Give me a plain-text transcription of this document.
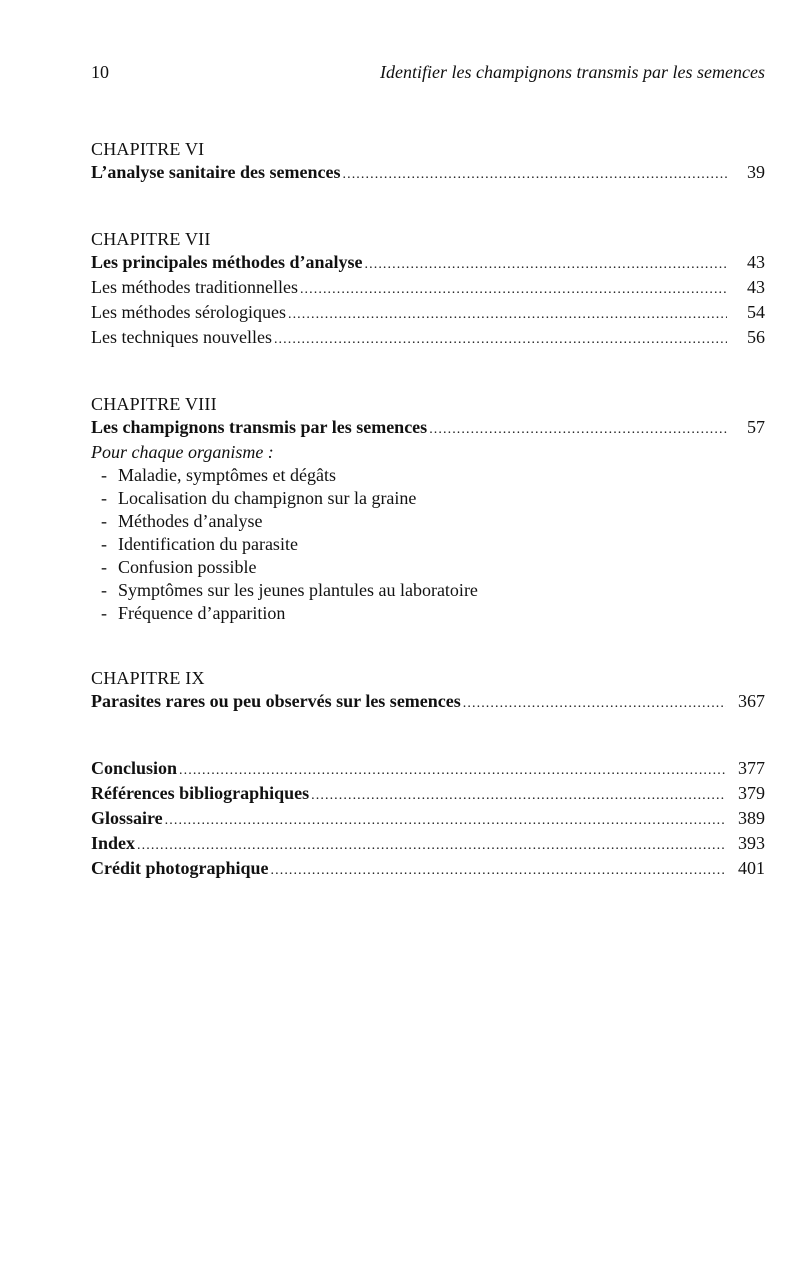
10	Identifier les champignons transmis par les semences
CHAPITRE VI
L’analyse sanitaire des semences . . .	39
CHAPITRE VII
Les principales méthodes d’analyse . . .	43
Les méthodes traditionnelles . . .	43
Les méthodes sérologiques . . .	54
Les techniques nouvelles . . .	56
CHAPITRE VIII
Les champignons transmis par les semences . . .	57
Pour chaque organisme :
- Maladie, symptômes et dégâts
- Localisation du champignon sur la graine
- Méthodes d’analyse
- Identification du parasite
- Confusion possible
- Symptômes sur les jeunes plantules au laboratoire
- Fréquence d’apparition
CHAPITRE IX
Parasites rares ou peu observés sur les semences . . .	367
Conclusion . . .	377
Références bibliographiques . . .	379
Glossaire . . .	389
Index . . .	393
Crédit photographique . . .	401
